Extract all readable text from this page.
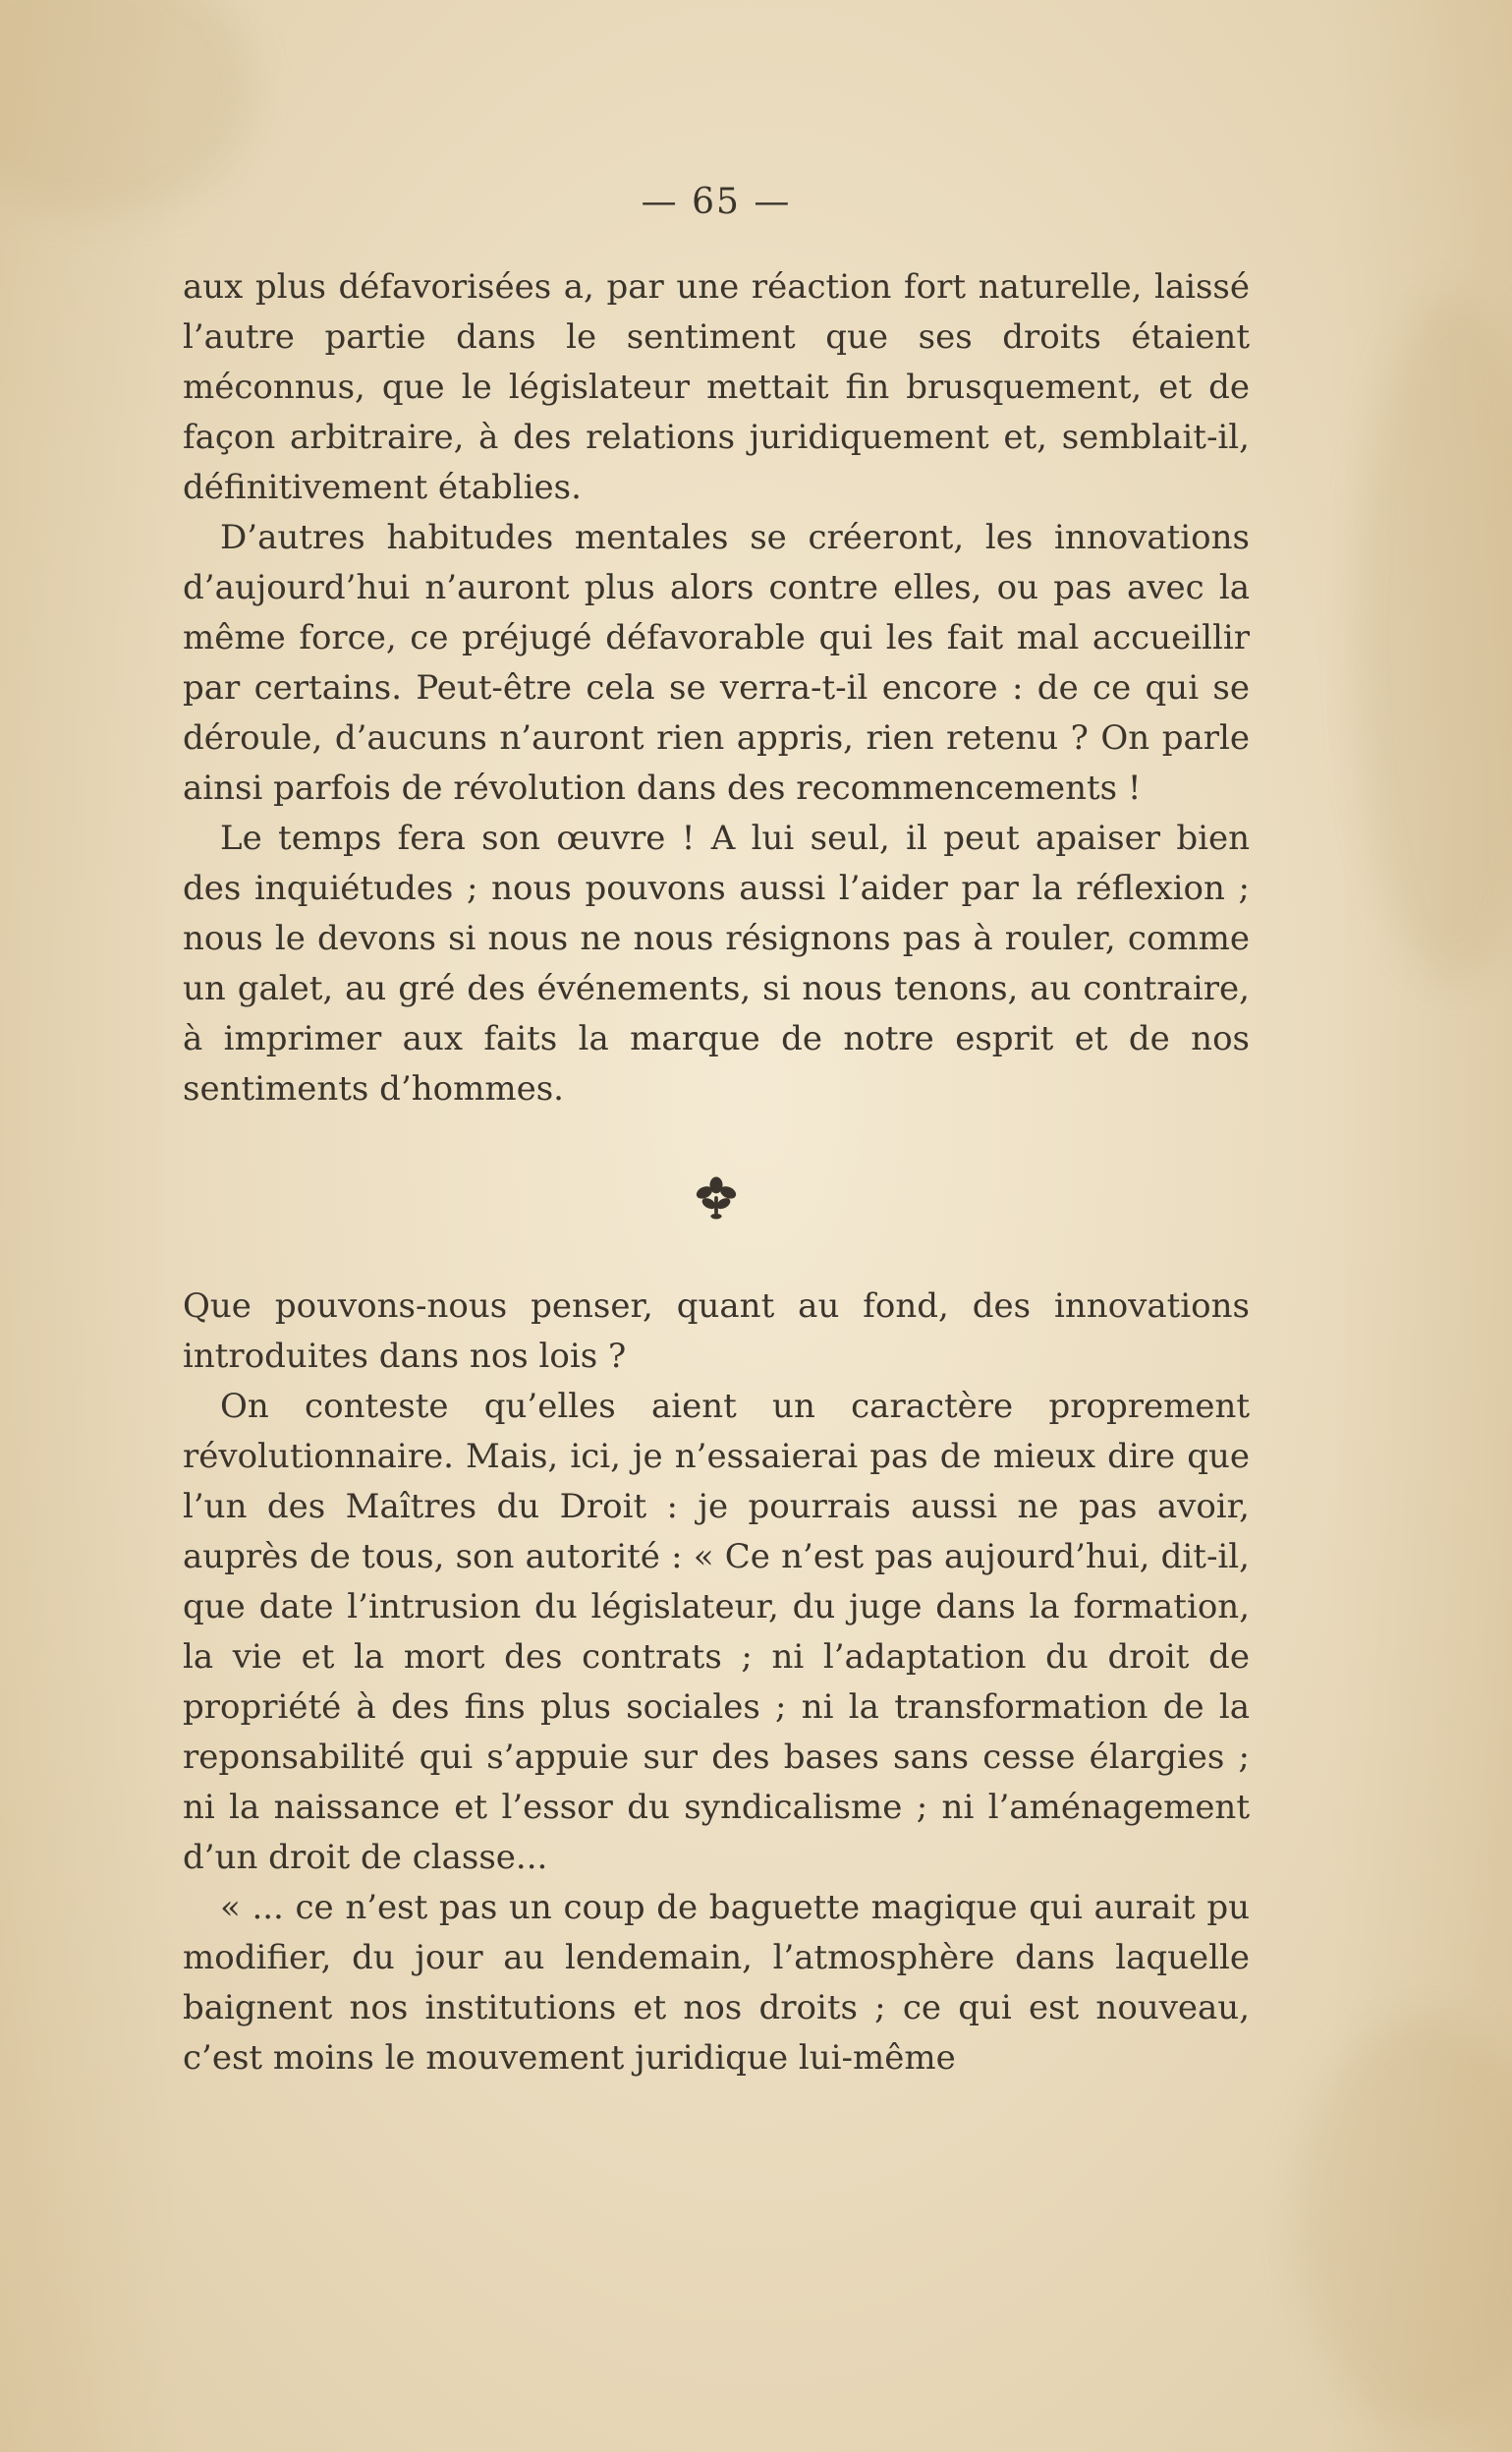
— 65 —

aux plus défavorisées a, par une réaction fort naturelle, laissé l’autre partie dans le sentiment que ses droits étaient méconnus, que le législateur mettait fin brusquement, et de façon arbitraire, à des relations juridiquement et, semblait-il, définitivement établies.

D’autres habitudes mentales se créeront, les innovations d’aujourd’hui n’auront plus alors contre elles, ou pas avec la même force, ce préjugé défavorable qui les fait mal accueillir par certains. Peut-être cela se verra-t-il encore : de ce qui se déroule, d’aucuns n’auront rien appris, rien retenu ? On parle ainsi parfois de révolution dans des recommencements !

Le temps fera son œuvre ! A lui seul, il peut apaiser bien des inquiétudes ; nous pouvons aussi l’aider par la réflexion ; nous le devons si nous ne nous résignons pas à rouler, comme un galet, au gré des événements, si nous tenons, au contraire, à imprimer aux faits la marque de notre esprit et de nos sentiments d’hommes.

Que pouvons-nous penser, quant au fond, des innovations introduites dans nos lois ?

On conteste qu’elles aient un caractère proprement révolutionnaire. Mais, ici, je n’essaierai pas de mieux dire que l’un des Maîtres du Droit : je pourrais aussi ne pas avoir, auprès de tous, son autorité : « Ce n’est pas aujourd’hui, dit-il, que date l’intrusion du législateur, du juge dans la formation, la vie et la mort des contrats ; ni l’adaptation du droit de propriété à des fins plus sociales ; ni la transformation de la reponsabilité qui s’appuie sur des bases sans cesse élargies ; ni la naissance et l’essor du syndicalisme ; ni l’aménagement d’un droit de classe...

« ... ce n’est pas un coup de baguette magique qui aurait pu modifier, du jour au lendemain, l’atmosphère dans laquelle baignent nos institutions et nos droits ; ce qui est nouveau, c’est moins le mouvement juridique lui-même
